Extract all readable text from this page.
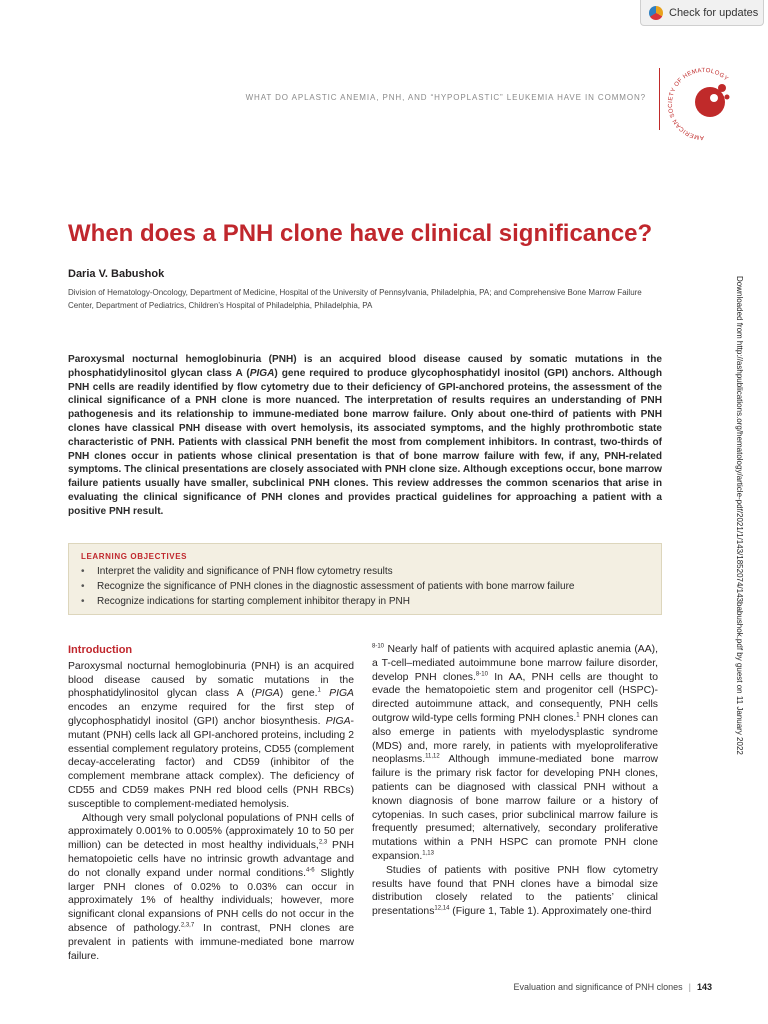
Check for updates
WHAT DO APLASTIC ANEMIA, PNH, AND “HYPOPLASTIC” LEUKEMIA HAVE IN COMMON?
AMERICAN SOCIETY OF HEMATOLOGY
When does a PNH clone have clinical significance?
Daria V. Babushok
Division of Hematology-Oncology, Department of Medicine, Hospital of the University of Pennsylvania, Philadelphia, PA; and Comprehensive Bone Marrow Failure Center, Department of Pediatrics, Children’s Hospital of Philadelphia, Philadelphia, PA	Downloaded from http://ashpublications.org/hematology/article-pdf/2021/1/143/1852074/143babushok.pdf by guest on 11 January 2022

Paroxysmal nocturnal hemoglobinuria (PNH) is an acquired blood disease caused by somatic mutations in the phosphatidylinositol glycan class A (PIGA) gene required to produce glycophosphatidyl inositol (GPI) anchors. Although PNH cells are readily identified by flow cytometry due to their deficiency of GPI-anchored proteins, the assessment of the clinical significance of a PNH clone is more nuanced. The interpretation of results requires an understanding of PNH pathogenesis and its relationship to immune-mediated bone marrow failure. Only about one-third of patients with PNH clones have classical PNH disease with overt hemolysis, its associated symptoms, and the highly prothrombotic state characteristic of PNH. Patients with classical PNH benefit the most from complement inhibitors. In contrast, two-thirds of PNH clones occur in patients whose clinical presentation is that of bone marrow failure with few, if any, PNH-related symptoms. The clinical presentations are closely associated with PNH clone size. Although exceptions occur, bone marrow failure patients usually have smaller, subclinical PNH clones. This review addresses the common scenarios that arise in evaluating the clinical significance of PNH clones and provides practical guidelines for approaching a patient with a positive PNH result.

LEARNING OBJECTIVES
• Interpret the validity and significance of PNH flow cytometry results
• Recognize the significance of PNH clones in the diagnostic assessment of patients with bone marrow failure
• Recognize indications for starting complement inhibitor therapy in PNH
Introduction

Paroxysmal nocturnal hemoglobinuria (PNH) is an acquired blood disease caused by somatic mutations in the phosphatidylinositol glycan class A (PIGA) gene.$^1$ PIGA encodes an enzyme required for the first step of glycophosphatidyl inositol (GPI) anchor biosynthesis. PIGA-mutant (PNH) cells lack all GPI-anchored proteins, including 2 essential complement regulatory proteins, CD55 (complement decay-accelerating factor) and CD59 (inhibitor of the complement membrane attack complex). The deficiency of CD55 and CD59 makes PNH red blood cells (PNH RBCs) susceptible to complement-mediated hemolysis.

Although very small polyclonal populations of PNH cells of approximately 0.001% to 0.005% (approximately 10 to 50 per million) can be detected in most healthy individuals,$^{2,3}$ PNH hematopoietic cells have no intrinsic growth advantage and do not clonally expand under normal conditions.$^{4-6}$ Slightly larger PNH clones of 0.02% to 0.03% can occur in approximately 1% of healthy individuals; however, more significant clonal expansions of PNH cells do not occur in the absence of pathology.$^{2,3,7}$ In contrast, PNH clones are prevalent in patients with immune-mediated bone marrow failure.

$^{8-10}$ Nearly half of patients with acquired aplastic anemia (AA), a T-cell–mediated autoimmune bone marrow failure disorder, develop PNH clones.$^{8-10}$ In AA, PNH cells are thought to evade the hematopoietic stem and progenitor cell (HSPC)-directed autoimmune attack, and consequently, PNH cells outgrow wild-type cells forming PNH clones.$^1$ PNH clones can also emerge in patients with myelodysplastic syndrome (MDS) and, more rarely, in patients with myeloproliferative neoplasms.$^{11,12}$ Although immune-mediated bone marrow failure is the primary risk factor for developing PNH clones, patients can be diagnosed with classical PNH without a known diagnosis of bone marrow failure or a history of cytopenias. In such cases, prior subclinical marrow failure is frequently presumed; alternatively, secondary proliferative mutations within a PNH HSPC can promote PNH clone expansion.$^{1,13}$

Studies of patients with positive PNH flow cytometry results have found that PNH clones have a bimodal size distribution closely related to the patients’ clinical presentations$^{12,14}$ (Figure 1, Table 1). Approximately one-third

Evaluation and significance of PNH clones | 143
